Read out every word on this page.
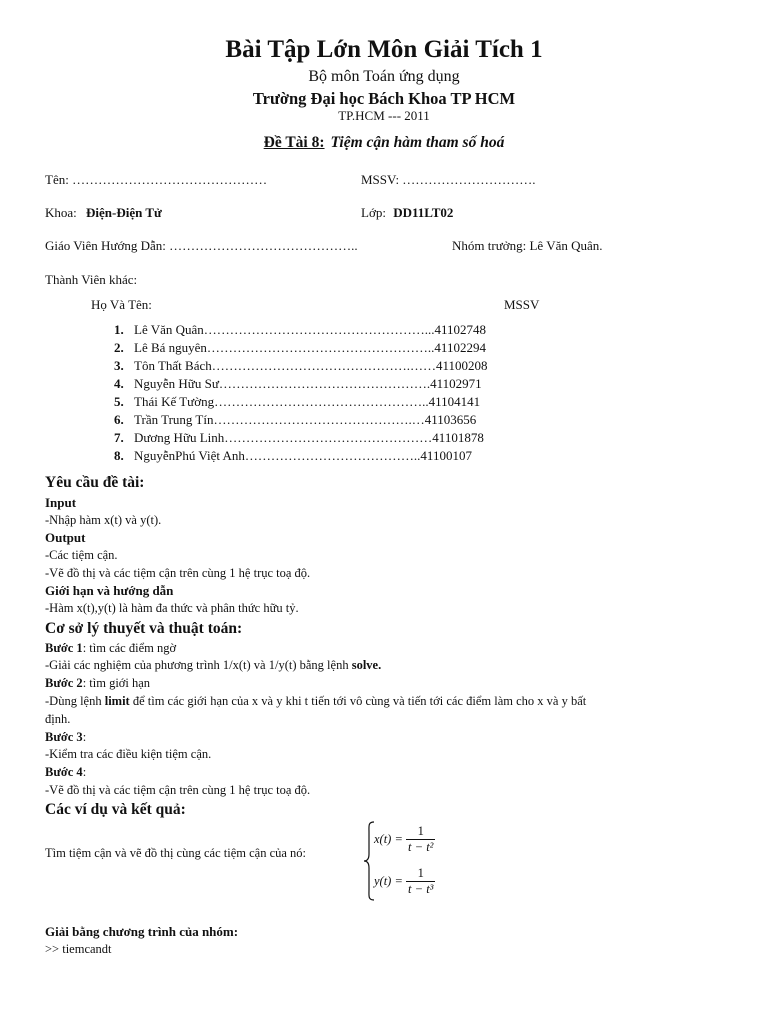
Bài Tập Lớn Môn Giải Tích 1
Bộ môn Toán ứng dụng
Trường Đại học Bách Khoa TP HCM
TP.HCM --- 2011
Đề Tài 8: Tiệm cận hàm tham số hoá
Tên: ………………………………………	MSSV: ………………………….
Khoa: Điện-Điện Tử	Lớp: DD11LT02
Giáo Viên Hướng Dẫn: ……………………………………..	Nhóm trưởng: Lê Văn Quân.
Thành Viên khác:
Họ Và Tên:	MSSV
1. Lê Văn Quân……………………………………………...41102748
2. Lê Bá nguyên……………………………………………..41102294
3. Tôn Thất Bách……………………………………….……41100208
4. Nguyễn Hữu Sư………………………………………….41102971
5. Thái Kế Tường…………………………………………..41104141
6. Trần Trung Tín……………………………………….…41103656
7. Dương Hữu Linh…………………………………………41101878
8. NguyễnPhú Việt Anh…………………………………..41100107
Yêu cầu đề tài:
Input
-Nhập hàm x(t) và y(t).
Output
-Các tiệm cận.
-Vẽ đồ thị và các tiệm cận trên cùng 1 hệ trục toạ độ.
Giới hạn và hướng dẫn
-Hàm x(t),y(t) là hàm đa thức và phân thức hữu tỷ.
Cơ sở lý thuyết và thuật toán:
Bước 1: tìm các điểm ngờ
-Giải các nghiệm của phương trình 1/x(t) và 1/y(t) bằng lệnh solve.
Bước 2: tìm giới hạn
-Dùng lệnh limit để tìm các giới hạn của x và y khi t tiến tới vô cùng và tiến tới các điểm làm cho x và y bất
định.
Bước 3:
-Kiểm tra các điều kiện tiệm cận.
Bước 4:
-Vẽ đồ thị và các tiệm cận trên cùng 1 hệ trục toạ độ.
Các ví dụ và kết quả:
Tìm tiệm cận và vẽ đồ thị cùng các tiệm cận của nó:
$x(t) = \frac{1}{\text{t − t²}}$
$y(t) = \frac{1}{\text{t − t³}}$
Giải bằng chương trình của nhóm:
>> tiemcandt
